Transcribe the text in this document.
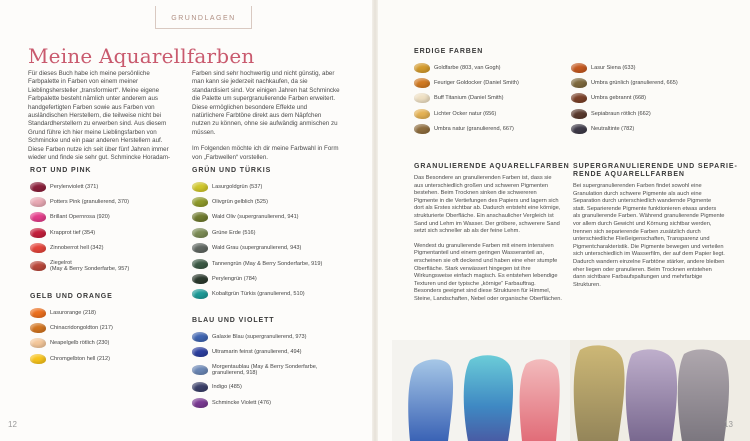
GRUNDLAGEN
Meine Aquarellfarben
Für dieses Buch habe ich meine persönliche Farbpalette in Farben von einem meiner Lieblingshersteller „transformiert“. Meine eigene Farbpalette besteht nämlich unter anderem aus handgefertigten Farben sowie aus Farben von ausländischen Herstellern, die teilweise nicht bei Standardherstellern zu erwerben sind. Aus diesem Grund führe ich hier meine Lieblingsfarben von Schmincke und ein paar anderen Herstellern auf. Diese Farben nutze ich seit über fünf Jahren immer wieder und finde sie sehr gut. Schmincke Horadam-
Farben sind sehr hochwertig und nicht günstig, aber man kann sie jederzeit nachkaufen, da sie standardisiert sind. Vor einigen Jahren hat Schmincke die Palette um supergranulierende Farben erweitert. Diese ermöglichen besondere Effekte und natürlichere Farbtöne direkt aus dem Näpfchen nutzen zu können, ohne sie aufwändig anmischen zu müssen.
Im Folgenden möchte ich dir meine Farbwahl in Form von „Farbwellen“ vorstellen.
ROT UND PINK
Perylenviolett (371)
Potters Pink (granulierend, 370)
Brillant Opernrosa (920)
Krapprot tief (354)
Zinnoberrot hell (342)
Ziegelrot
(May & Berry Sonderfarbe, 957)
GELB UND ORANGE
Lasurorange (218)
Chinacridongoldton (217)
Neapelgelb rötlich (230)
Chromgelbton hell (212)
GRÜN UND TÜRKIS
Lasurgoldgrün (537)
Olivgrün gelblich (525)
Wald Oliv (supergranulierend, 941)
Grüne Erde (516)
Wald Grau (supergranulierend, 943)
Tannengrün (May & Berry Sonderfarbe, 919)
Perylengrün (784)
Kobaltgrün Türkis (granulierend, 510)
BLAU UND VIOLETT
Galaxie Blau (supergranulierend, 973)
Ultramarin feinst (granulierend, 494)
Morgentaublau (May & Berry Sonderfarbe,
granulierend, 918)
Indigo (485)
Schmincke Violett (476)
ERDIGE FARBEN
Goldfarbe (803, van Gogh)
Feuriger Goldocker (Daniel Smith)
Buff Titanium (Daniel Smith)
Lichter Ocker natur (656)
Umbra natur (granulierend, 667)
Lasur Siena (633)
Umbra grünlich (granulierend, 665)
Umbra gebrannt (668)
Sepiabraun rötlich (662)
Neutraltinte (782)
GRANULIERENDE AQUARELLFARBEN
Das Besondere an granulierenden Farben ist, dass sie aus unterschiedlich großen und schweren Pigmenten bestehen. Beim Trocknen sinken die schwereren Pigmente in die Vertiefungen des Papiers und lagern sich dort als Erstes sichtbar ab. Dadurch entsteht eine körnige, strukturierte Oberfläche. Ein anschaulicher Vergleich ist Sand und Lehm im Wasser. Der gröbere, schwerere Sand setzt sich schneller ab als der feine Lehm.
Wendest du granulierende Farben mit einem intensiven Pigmentanteil und einem geringen Wasseranteil an, erscheinen sie oft deckend und haben eine eher stumpfe Oberfläche. Stark verwässert hingegen ist ihre Wirkungsweise einfach magisch. Es entstehen lebendige Texturen und der typische „körnige“ Farbauftrag. Besonders geeignet sind diese Strukturen für Himmel, Steine, Landschaften, Nebel oder organische Oberflächen.
SUPERGRANULIERENDE UND SEPARIE-
RENDE AQUARELLFARBEN
Bei supergranulierenden Farben findet sowohl eine Granulation durch schwere Pigmente als auch eine Separation durch unterschiedlich wandernde Pigmente statt. Separierende Pigmente funktionieren etwas anders als granulierende Farben. Während granulierende Pigmente vor allem durch Gewicht und Körnung sichtbar werden, trennen sich separierende Farben zusätzlich durch unterschiedliche Fließeigenschaften, Transparenz und Pigmentcharakteristik. Die Pigmente bewegen und verteilen sich unterschiedlich im Wasserfilm, der auf dem Papier liegt. Dadurch wandern einzelne Farbtöne stärker, andere bleiben eher liegen oder granulieren. Beim Trocknen entstehen dann sichtbare Farbaufspaltungen und mehrfarbige Strukturen.
12	13
